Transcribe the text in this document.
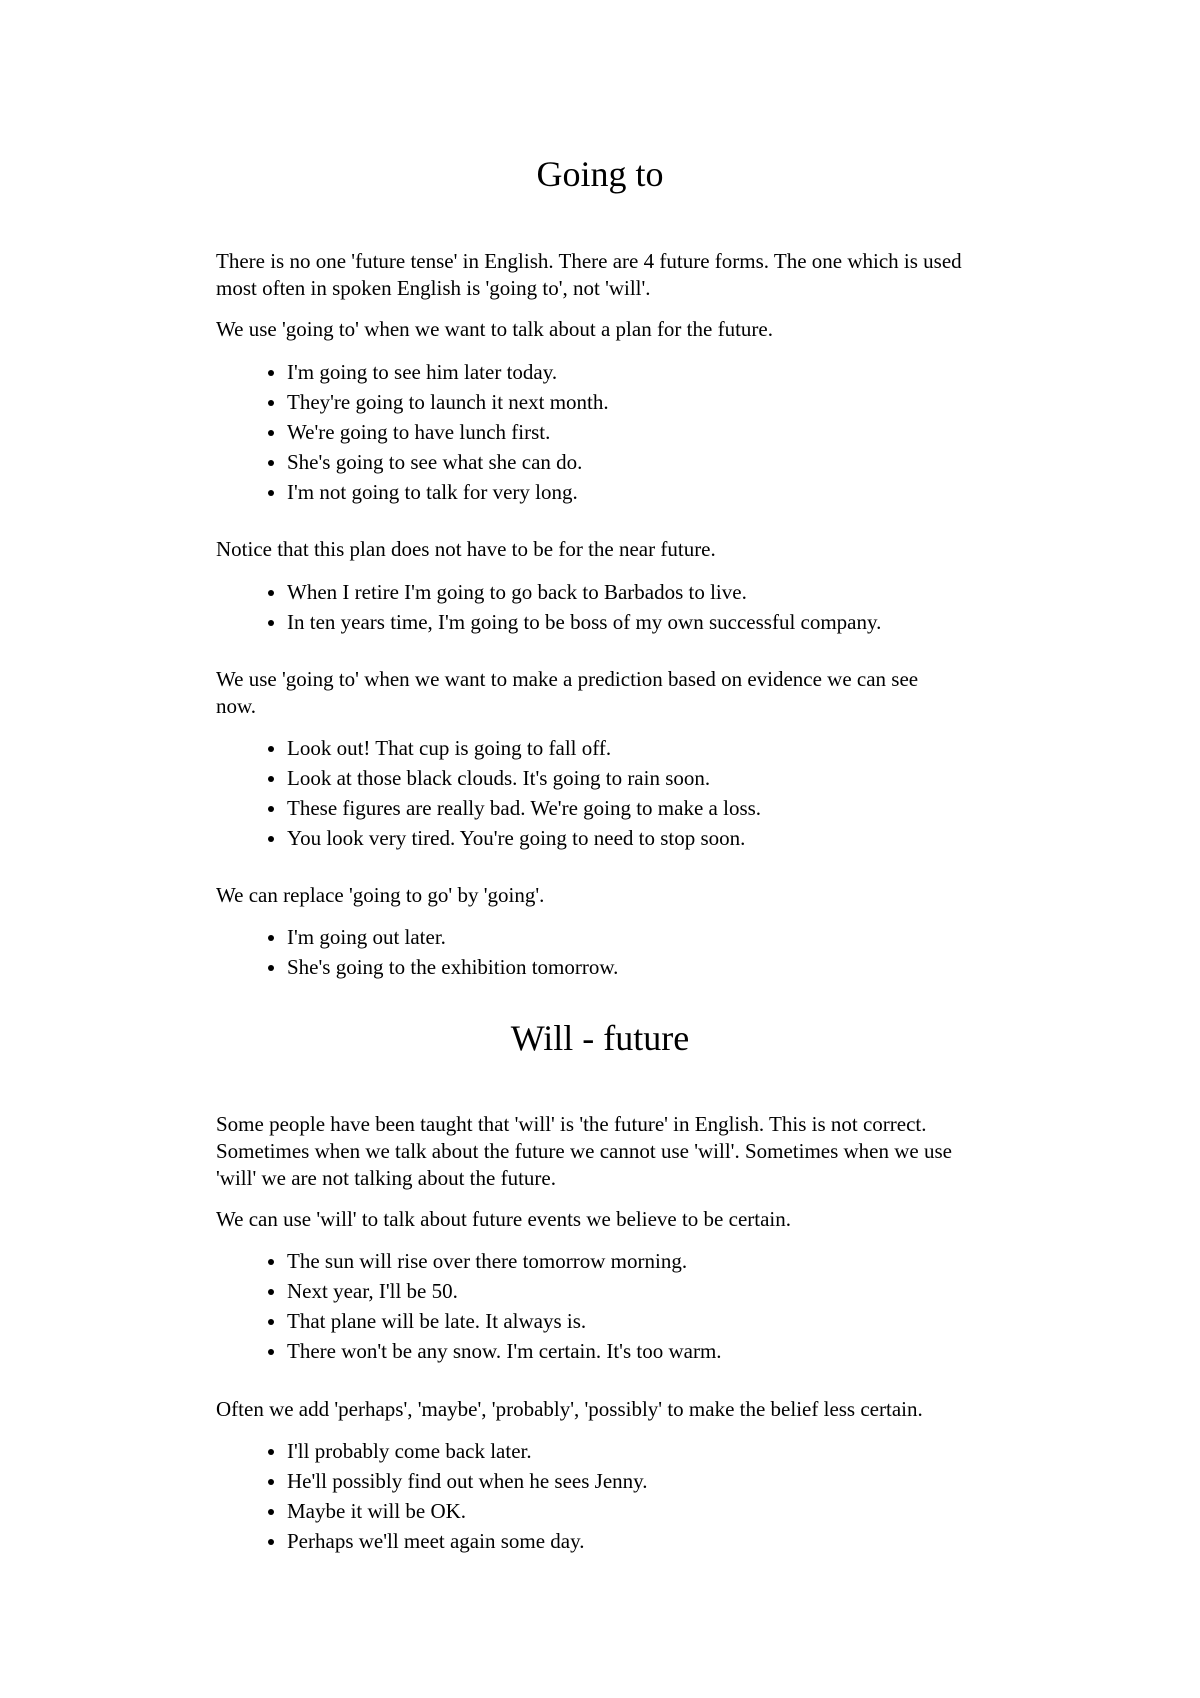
Going to

There is no one 'future tense' in English. There are 4 future forms. The one which is used most often in spoken English is 'going to', not 'will'.

We use 'going to' when we want to talk about a plan for the future.

• I'm going to see him later today.
• They're going to launch it next month.
• We're going to have lunch first.
• She's going to see what she can do.
• I'm not going to talk for very long.

Notice that this plan does not have to be for the near future.

• When I retire I'm going to go back to Barbados to live.
• In ten years time, I'm going to be boss of my own successful company.

We use 'going to' when we want to make a prediction based on evidence we can see now.

• Look out! That cup is going to fall off.
• Look at those black clouds. It's going to rain soon.
• These figures are really bad. We're going to make a loss.
• You look very tired. You're going to need to stop soon.

We can replace 'going to go' by 'going'.

• I'm going out later.
• She's going to the exhibition tomorrow.
Will - future

Some people have been taught that 'will' is 'the future' in English. This is not correct. Sometimes when we talk about the future we cannot use 'will'. Sometimes when we use 'will' we are not talking about the future.

We can use 'will' to talk about future events we believe to be certain.

• The sun will rise over there tomorrow morning.
• Next year, I'll be 50.
• That plane will be late. It always is.
• There won't be any snow. I'm certain. It's too warm.

Often we add 'perhaps', 'maybe', 'probably', 'possibly' to make the belief less certain.

• I'll probably come back later.
• He'll possibly find out when he sees Jenny.
• Maybe it will be OK.
• Perhaps we'll meet again some day.
